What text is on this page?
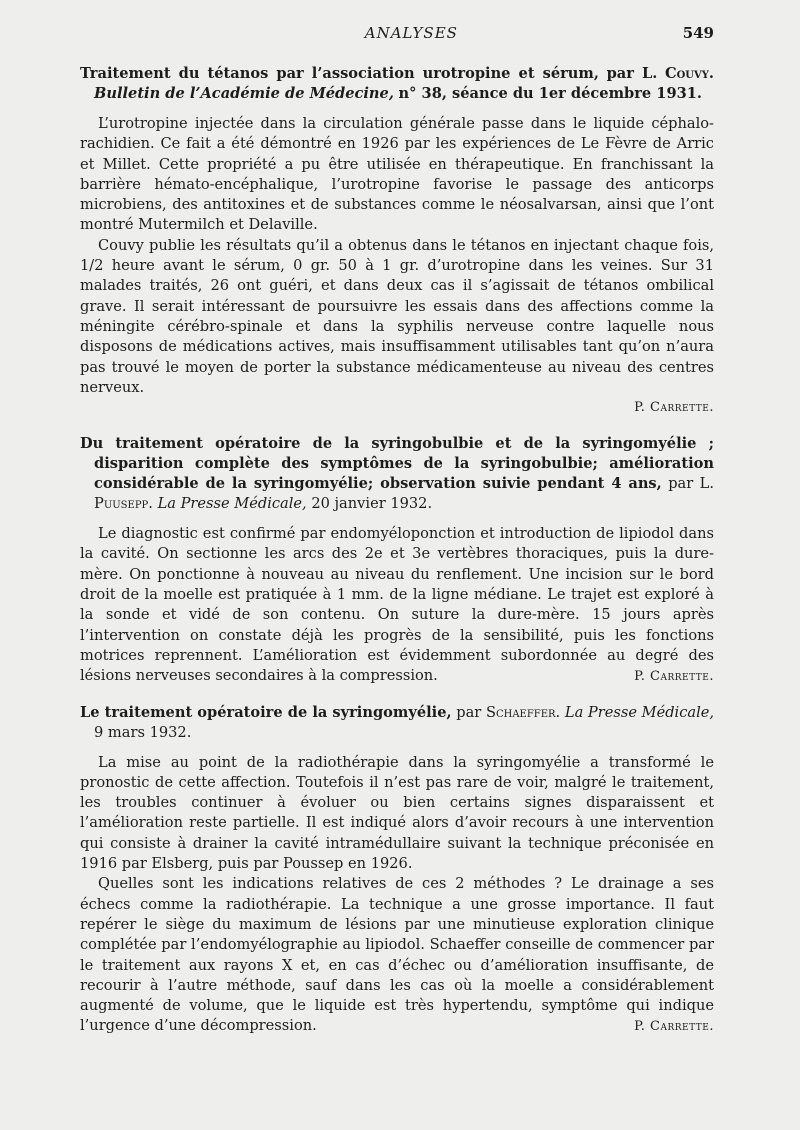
ANALYSES	549

Traitement du tétanos par l’association urotropine et sérum, par L. Couvy. Bulletin de l’Académie de Médecine, n° 38, séance du 1er décembre 1931.

L’urotropine injectée dans la circulation générale passe dans le liquide céphalo-rachidien. Ce fait a été démontré en 1926 par les expériences de Le Fèvre de Arric et Millet. Cette propriété a pu être utilisée en thérapeutique. En franchissant la barrière hémato-encéphalique, l’urotropine favorise le passage des anticorps microbiens, des antitoxines et de substances comme le néosalvarsan, ainsi que l’ont montré Mutermilch et Delaville.

Couvy publie les résultats qu’il a obtenus dans le tétanos en injectant chaque fois, 1/2 heure avant le sérum, 0 gr. 50 à 1 gr. d’urotropine dans les veines. Sur 31 malades traités, 26 ont guéri, et dans deux cas il s’agissait de tétanos ombilical grave. Il serait intéressant de poursuivre les essais dans des affections comme la méningite cérébro-spinale et dans la syphilis nerveuse contre laquelle nous disposons de médications actives, mais insuffisamment utilisables tant qu’on n’aura pas trouvé le moyen de porter la substance médicamenteuse au niveau des centres nerveux.

P. Carrette.

Du traitement opératoire de la syringobulbie et de la syringomyélie ; disparition complète des symptômes de la syringobulbie; amélioration considérable de la syringomyélie; observation suivie pendant 4 ans, par L. Puusepp. La Presse Médicale, 20 janvier 1932.

Le diagnostic est confirmé par endomyéloponction et introduction de lipiodol dans la cavité. On sectionne les arcs des 2e et 3e vertèbres thoraciques, puis la dure-mère. On ponctionne à nouveau au niveau du renflement. Une incision sur le bord droit de la moelle est pratiquée à 1 mm. de la ligne médiane. Le trajet est exploré à la sonde et vidé de son contenu. On suture la dure-mère. 15 jours après l’intervention on constate déjà les progrès de la sensibilité, puis les fonctions motrices reprennent. L’amélioration est évidemment subordonnée au degré des lésions nerveuses secondaires à la compression.	P. Carrette.

Le traitement opératoire de la syringomyélie, par Schaeffer. La Presse Médicale, 9 mars 1932.

La mise au point de la radiothérapie dans la syringomyélie a transformé le pronostic de cette affection. Toutefois il n’est pas rare de voir, malgré le traitement, les troubles continuer à évoluer ou bien certains signes disparaissent et l’amélioration reste partielle. Il est indiqué alors d’avoir recours à une intervention qui consiste à drainer la cavité intramédullaire suivant la technique préconisée en 1916 par Elsberg, puis par Poussep en 1926.

Quelles sont les indications relatives de ces 2 méthodes ? Le drainage a ses échecs comme la radiothérapie. La technique a une grosse importance. Il faut repérer le siège du maximum de lésions par une minutieuse exploration clinique complétée par l’endomyélographie au lipiodol. Schaeffer conseille de commencer par le traitement aux rayons X et, en cas d’échec ou d’amélioration insuffisante, de recourir à l’autre méthode, sauf dans les cas où la moelle a considérablement augmenté de volume, que le liquide est très hypertendu, symptôme qui indique l’urgence d’une décompression.	P. Carrette.
